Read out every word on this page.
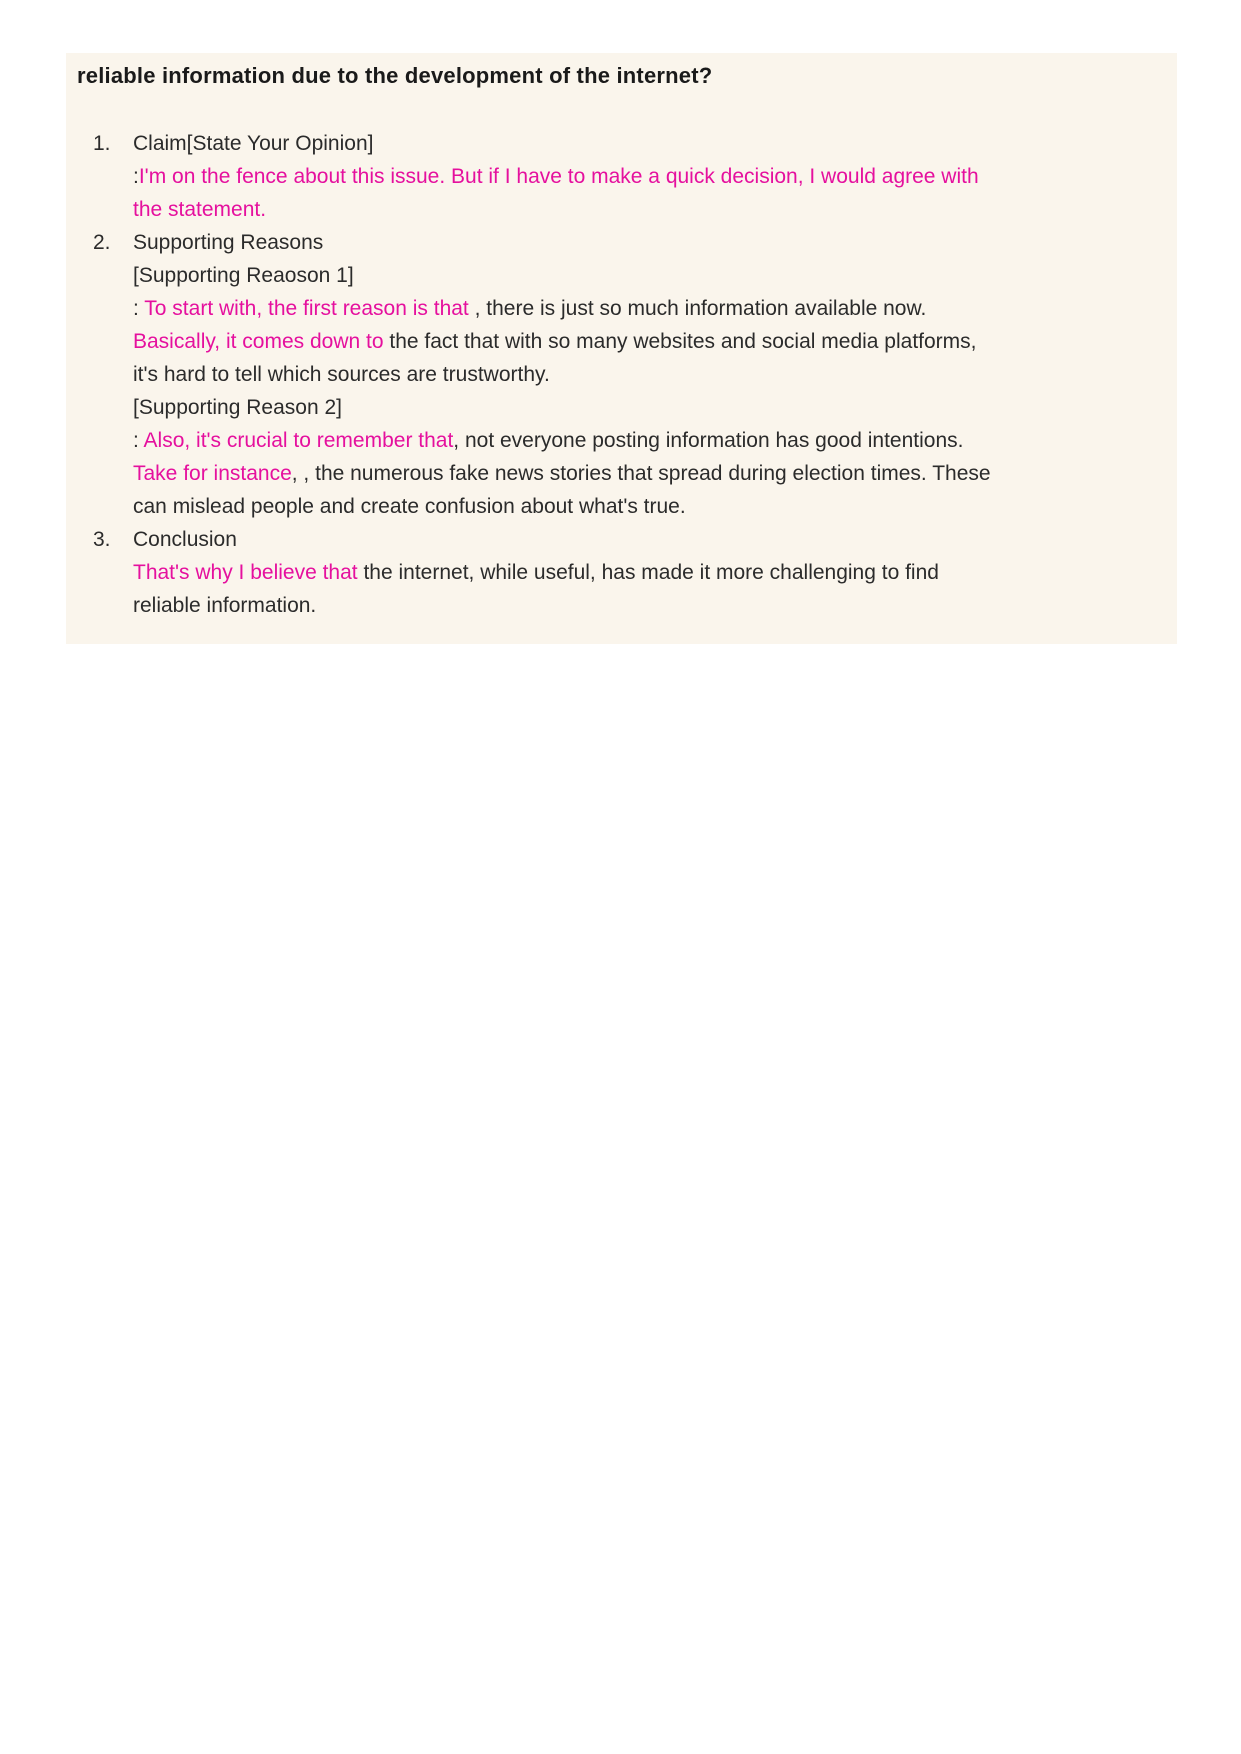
reliable information due to the development of the internet?
1.	Claim[State Your Opinion]
:I'm on the fence about this issue. But if I have to make a quick decision, I would agree with
the statement.
2.	Supporting Reasons
[Supporting Reaoson 1]
: To start with, the first reason is that , there is just so much information available now.
Basically, it comes down to the fact that with so many websites and social media platforms,
it's hard to tell which sources are trustworthy.
[Supporting Reason 2]
: Also, it's crucial to remember that, not everyone posting information has good intentions.
Take for instance, , the numerous fake news stories that spread during election times. These
can mislead people and create confusion about what's true.
3.	Conclusion
That's why I believe that the internet, while useful, has made it more challenging to find
reliable information.
